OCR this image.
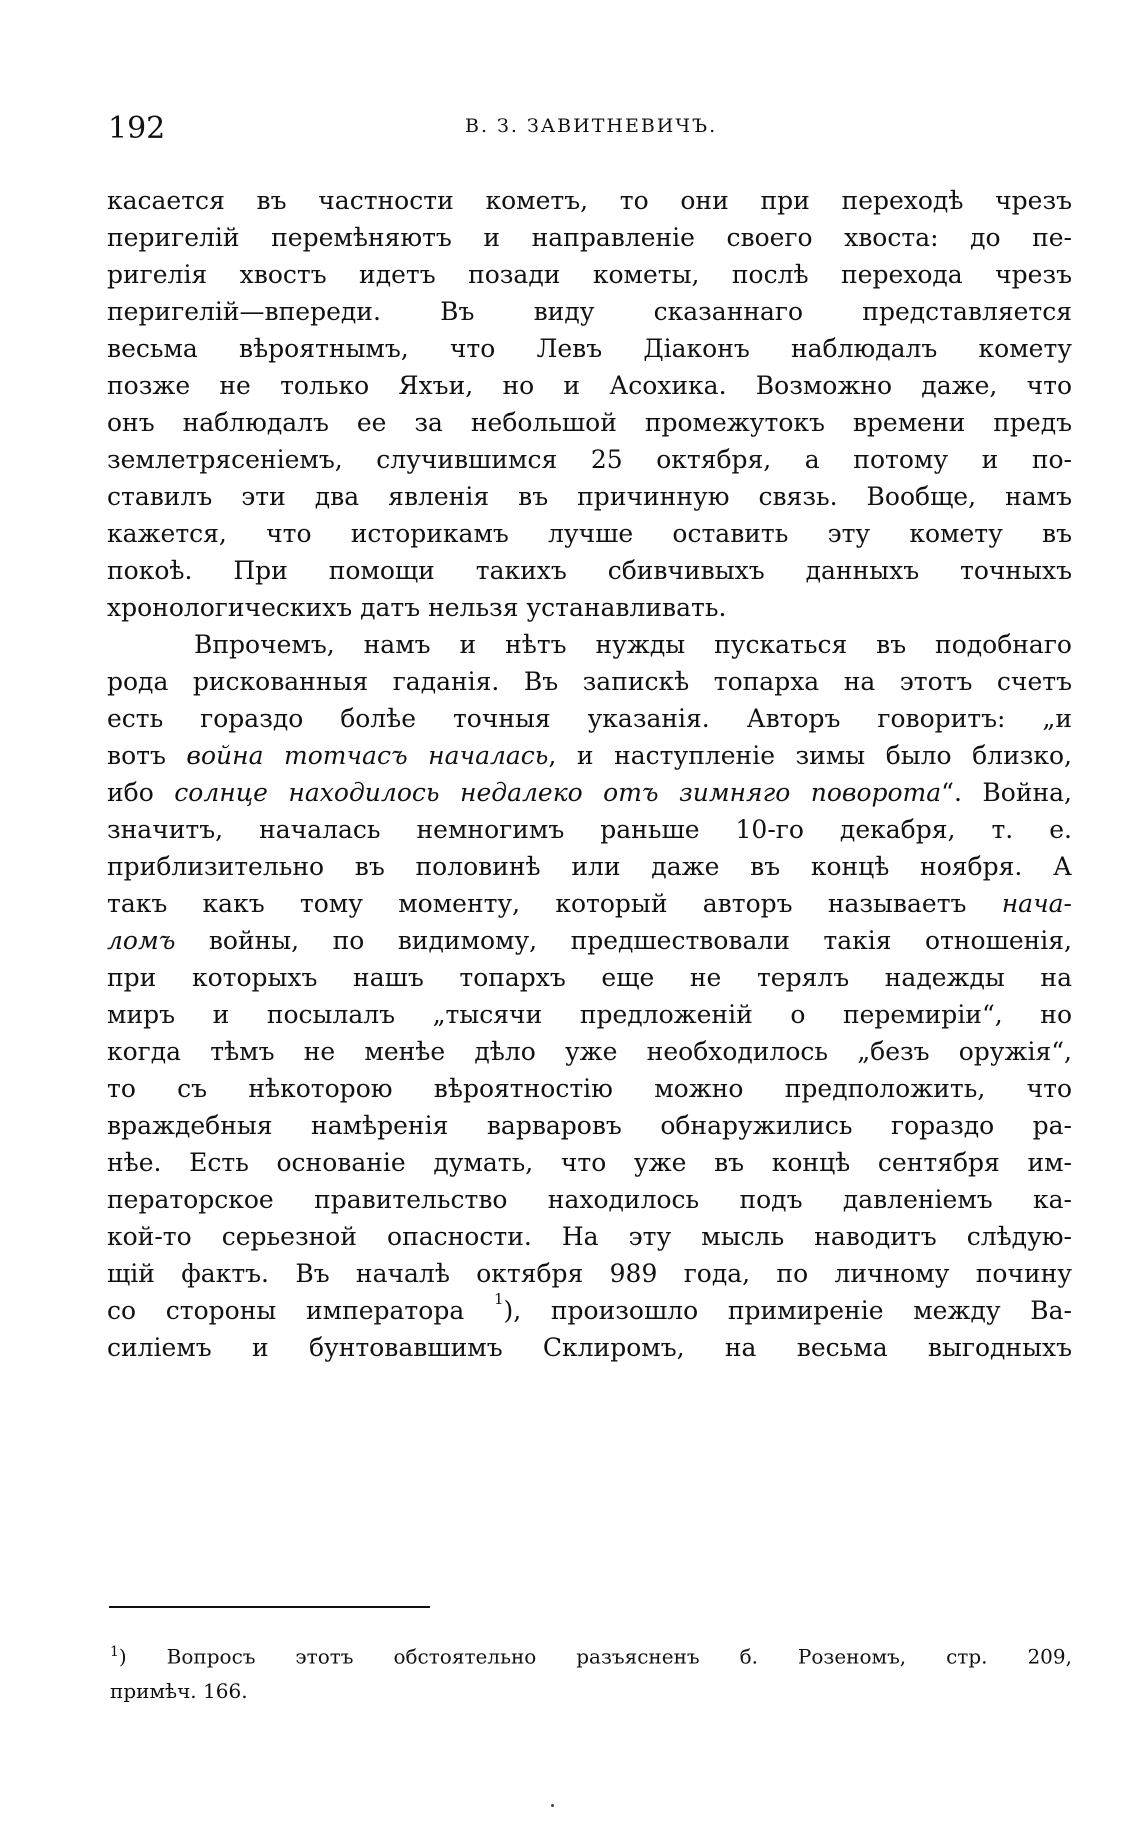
192	В. З. ЗАВИТНЕВИЧЪ.
касается въ частности кометъ, то они при переходѣ чрезъ
перигелій перемѣняютъ и направленіе своего хвоста: до пе-
ригелія хвостъ идетъ позади кометы, послѣ перехода чрезъ
перигелій—впереди. Въ виду сказаннаго представляется
весьма вѣроятнымъ, что Левъ Діаконъ наблюдалъ комету
позже не только Яхъи, но и Асохика. Возможно даже, что
онъ наблюдалъ ее за небольшой промежутокъ времени предъ
землетрясеніемъ, случившимся 25 октября, а потому и по-
ставилъ эти два явленія въ причинную связь. Вообще, намъ
кажется, что историкамъ лучше оставить эту комету въ
покоѣ. При помощи такихъ сбивчивыхъ данныхъ точныхъ
хронологическихъ датъ нельзя устанавливать.
Впрочемъ, намъ и нѣтъ нужды пускаться въ подобнаго
рода рискованныя гаданія. Въ запискѣ топарха на этотъ счетъ
есть гораздо болѣе точныя указанія. Авторъ говоритъ: „и
вотъ война тотчасъ началась, и наступленіе зимы было близко,
ибо солнце находилось недалеко отъ зимняго поворота“. Война,
значитъ, началась немногимъ раньше 10-го декабря, т. е.
приблизительно въ половинѣ или даже въ концѣ ноября. А
такъ какъ тому моменту, который авторъ называетъ нача-
ломъ войны, по видимому, предшествовали такія отношенія,
при которыхъ нашъ топархъ еще не терялъ надежды на
миръ и посылалъ „тысячи предложеній о перемиріи“, но
когда тѣмъ не менѣе дѣло уже необходилось „безъ оружія“,
то съ нѣкоторою вѣроятностію можно предположить, что
враждебныя намѣренія варваровъ обнаружились гораздо ра-
нѣе. Есть основаніе думать, что уже въ концѣ сентября им-
ператорское правительство находилось подъ давленіемъ ка-
кой-то серьезной опасности. На эту мысль наводитъ слѣдую-
щій фактъ. Въ началѣ октября 989 года, по личному почину
со стороны императора $^1$), произошло примиреніе между Ва-
силіемъ и бунтовавшимъ Склиромъ, на весьма выгодныхъ
$^1$) Вопросъ этотъ обстоятельно разъясненъ б. Розеномъ, стр. 209,
примѣч. 166.
